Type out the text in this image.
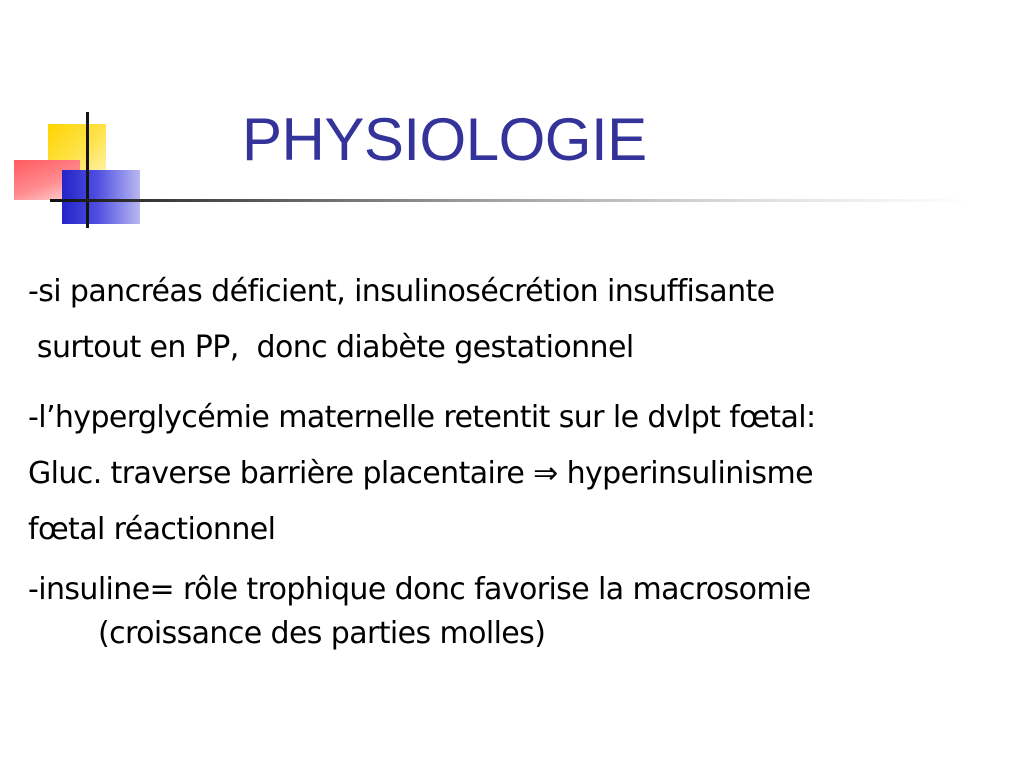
PHYSIOLOGIE

-si pancréas déficient, insulinosécrétion insuffisante
surtout en PP,  donc diabète gestationnel

-l’hyperglycémie maternelle retentit sur le dvlpt fœtal:
Gluc. traverse barrière placentaire ⇒ hyperinsulinisme
fœtal réactionnel

-insuline= rôle trophique donc favorise la macrosomie
(croissance des parties molles)
